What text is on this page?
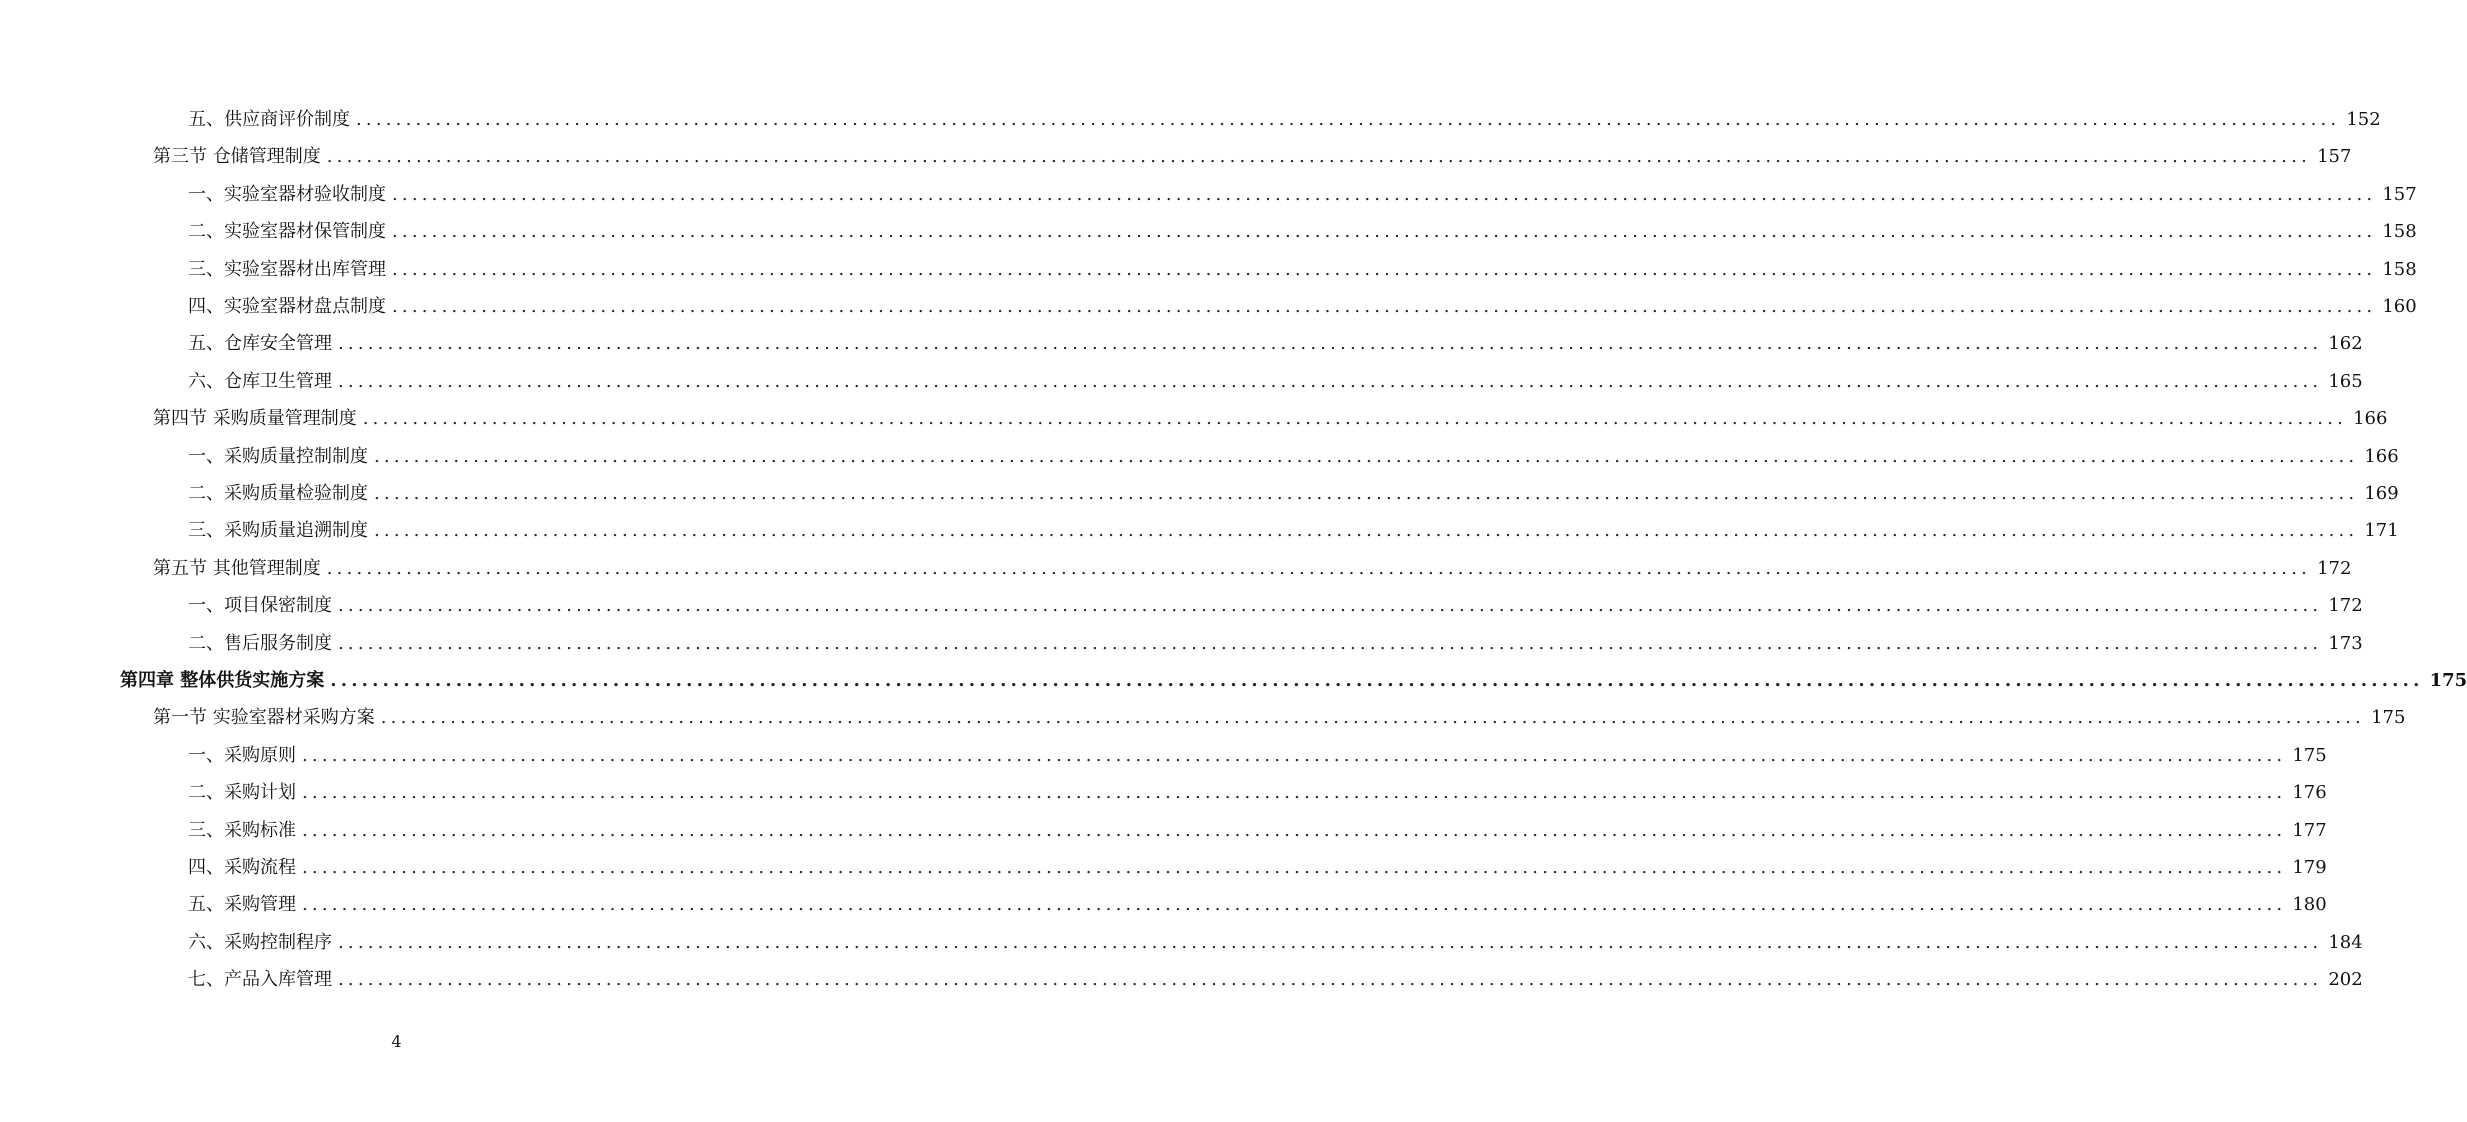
五、供应商评价制度 ........................................................................................................................................................................................................ 152
第三节 仓储管理制度 ........................................................................................................................................................................................................ 157
一、实验室器材验收制度 ........................................................................................................................................................................................................ 157
二、实验室器材保管制度 ........................................................................................................................................................................................................ 158
三、实验室器材出库管理 ........................................................................................................................................................................................................ 158
四、实验室器材盘点制度 ........................................................................................................................................................................................................ 160
五、仓库安全管理 ........................................................................................................................................................................................................ 162
六、仓库卫生管理 ........................................................................................................................................................................................................ 165
第四节 采购质量管理制度 ........................................................................................................................................................................................................ 166
一、采购质量控制制度 ........................................................................................................................................................................................................ 166
二、采购质量检验制度 ........................................................................................................................................................................................................ 169
三、采购质量追溯制度 ........................................................................................................................................................................................................ 171
第五节 其他管理制度 ........................................................................................................................................................................................................ 172
一、项目保密制度 ........................................................................................................................................................................................................ 172
二、售后服务制度 ........................................................................................................................................................................................................ 173
第四章 整体供货实施方案 ........................................................................................................................................................................................................ 175
第一节 实验室器材采购方案 ........................................................................................................................................................................................................ 175
一、采购原则 ........................................................................................................................................................................................................ 175
二、采购计划 ........................................................................................................................................................................................................ 176
三、采购标准 ........................................................................................................................................................................................................ 177
四、采购流程 ........................................................................................................................................................................................................ 179
五、采购管理 ........................................................................................................................................................................................................ 180
六、采购控制程序 ........................................................................................................................................................................................................ 184
七、产品入库管理 ........................................................................................................................................................................................................ 202
4
